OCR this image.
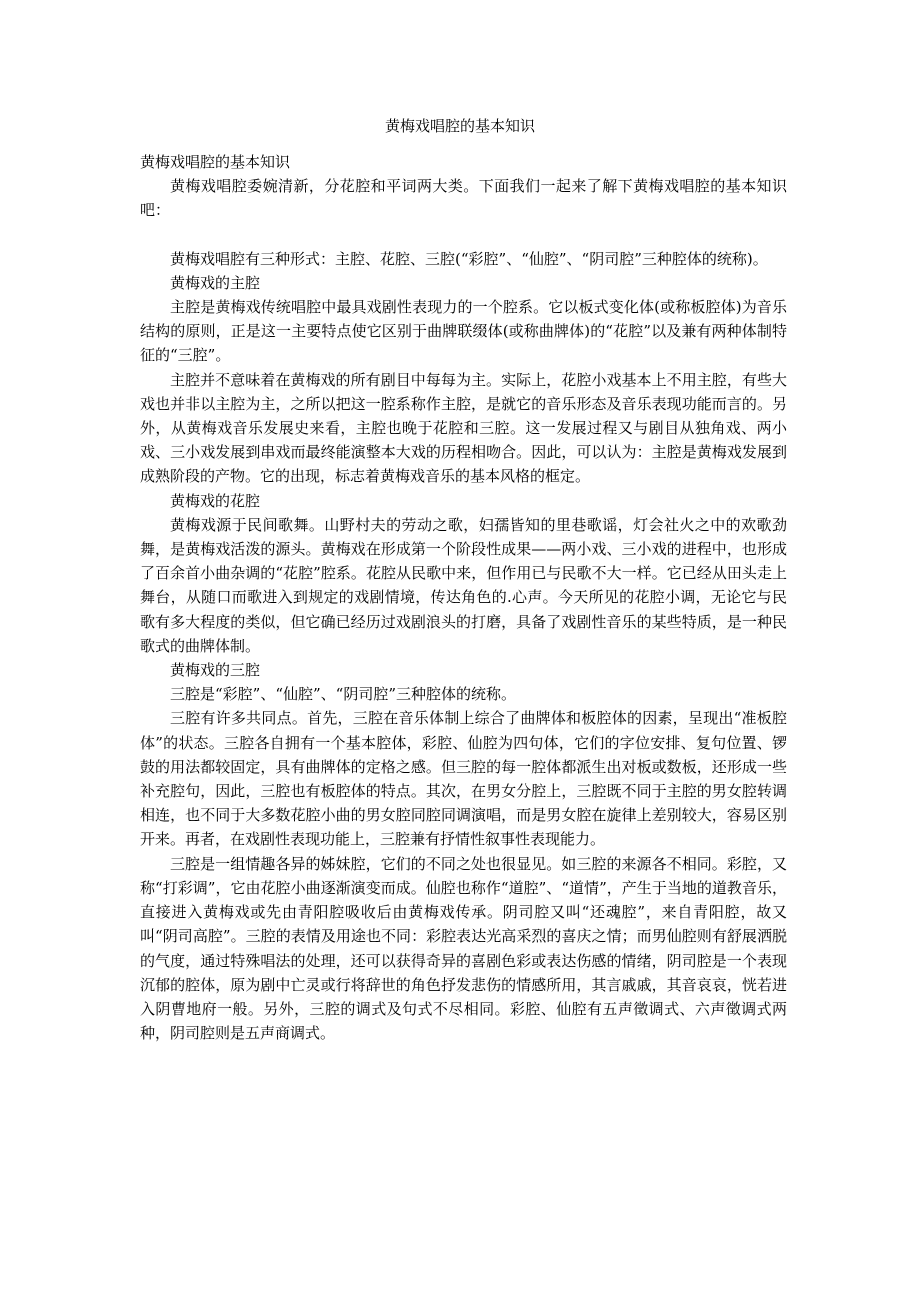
黄梅戏唱腔的基本知识

黄梅戏唱腔的基本知识

黄梅戏唱腔委婉清新，分花腔和平词两大类。下面我们一起来了解下黄梅戏唱腔的基本知识吧：

黄梅戏唱腔有三种形式：主腔、花腔、三腔(“彩腔”、“仙腔”、“阴司腔”三种腔体的统称)。

黄梅戏的主腔

主腔是黄梅戏传统唱腔中最具戏剧性表现力的一个腔系。它以板式变化体(或称板腔体)为音乐结构的原则，正是这一主要特点使它区别于曲牌联缀体(或称曲牌体)的“花腔”以及兼有两种体制特征的“三腔”。

主腔并不意味着在黄梅戏的所有剧目中每每为主。实际上，花腔小戏基本上不用主腔，有些大戏也并非以主腔为主，之所以把这一腔系称作主腔，是就它的音乐形态及音乐表现功能而言的。另外，从黄梅戏音乐发展史来看，主腔也晚于花腔和三腔。这一发展过程又与剧目从独角戏、两小戏、三小戏发展到串戏而最终能演整本大戏的历程相吻合。因此，可以认为：主腔是黄梅戏发展到成熟阶段的产物。它的出现，标志着黄梅戏音乐的基本风格的框定。

黄梅戏的花腔

黄梅戏源于民间歌舞。山野村夫的劳动之歌，妇孺皆知的里巷歌谣，灯会社火之中的欢歌劲舞，是黄梅戏活泼的源头。黄梅戏在形成第一个阶段性成果——两小戏、三小戏的进程中，也形成了百余首小曲杂调的“花腔”腔系。花腔从民歌中来，但作用已与民歌不大一样。它已经从田头走上舞台，从随口而歌进入到规定的戏剧情境，传达角色的.心声。今天所见的花腔小调，无论它与民歌有多大程度的类似，但它确已经历过戏剧浪头的打磨，具备了戏剧性音乐的某些特质，是一种民歌式的曲牌体制。

黄梅戏的三腔

三腔是“彩腔”、“仙腔”、“阴司腔”三种腔体的统称。

三腔有许多共同点。首先，三腔在音乐体制上综合了曲牌体和板腔体的因素，呈现出“准板腔体”的状态。三腔各自拥有一个基本腔体，彩腔、仙腔为四句体，它们的字位安排、复句位置、锣鼓的用法都较固定，具有曲牌体的定格之感。但三腔的每一腔体都派生出对板或数板，还形成一些补充腔句，因此，三腔也有板腔体的特点。其次，在男女分腔上，三腔既不同于主腔的男女腔转调相连，也不同于大多数花腔小曲的男女腔同腔同调演唱，而是男女腔在旋律上差别较大，容易区别开来。再者，在戏剧性表现功能上，三腔兼有抒情性叙事性表现能力。

三腔是一组情趣各异的姊妹腔，它们的不同之处也很显见。如三腔的来源各不相同。彩腔，又称“打彩调”，它由花腔小曲逐渐演变而成。仙腔也称作“道腔”、“道情”，产生于当地的道教音乐，直接进入黄梅戏或先由青阳腔吸收后由黄梅戏传承。阴司腔又叫“还魂腔”，来自青阳腔，故又叫“阴司高腔”。三腔的表情及用途也不同：彩腔表达光高采烈的喜庆之情；而男仙腔则有舒展洒脱的气度，通过特殊唱法的处理，还可以获得奇异的喜剧色彩或表达伤感的情绪，阴司腔是一个表现沉郁的腔体，原为剧中亡灵或行将辞世的角色抒发悲伤的情感所用，其言戚戚，其音哀哀，恍若进入阴曹地府一般。另外，三腔的调式及句式不尽相同。彩腔、仙腔有五声徵调式、六声徵调式两种，阴司腔则是五声商调式。
